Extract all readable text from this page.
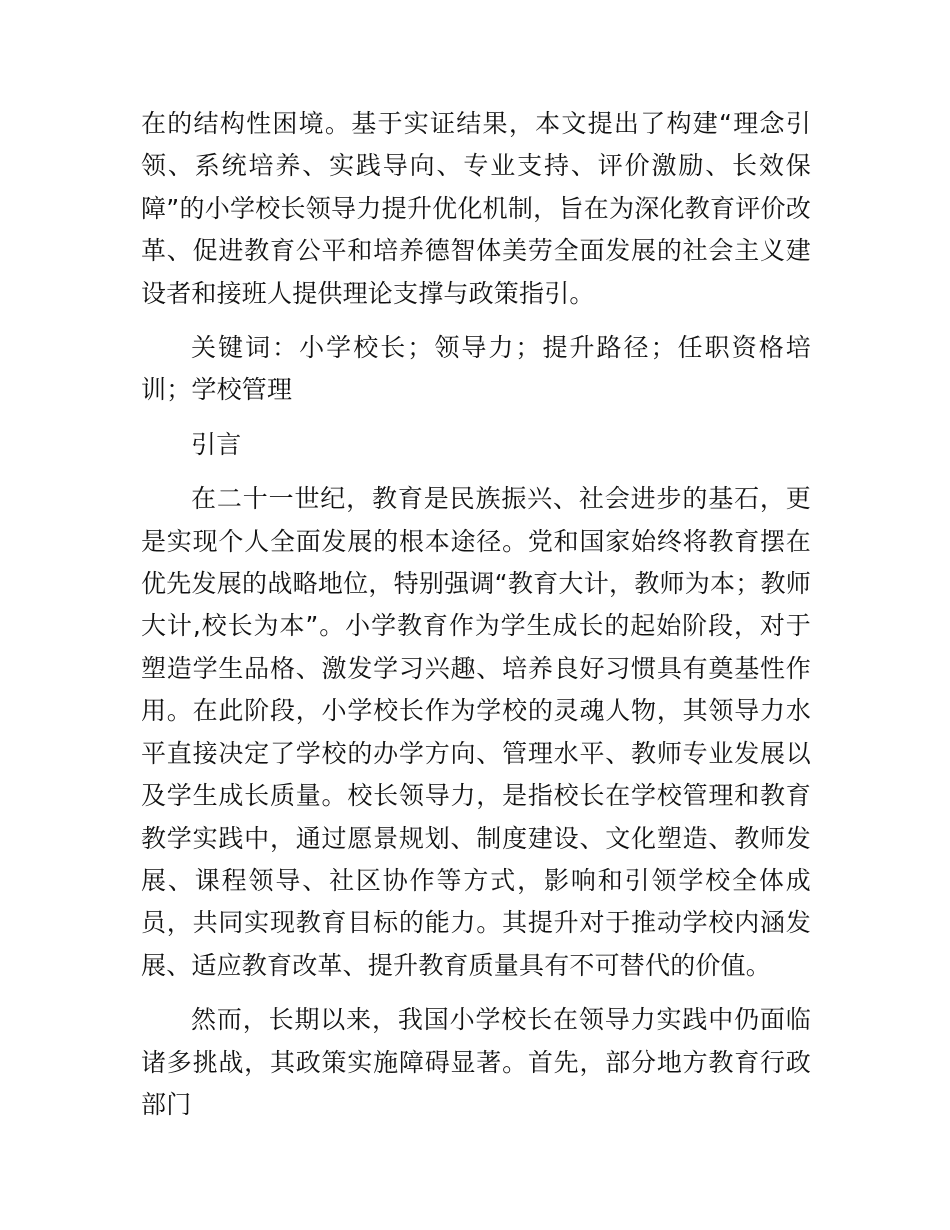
在的结构性困境。基于实证结果，本文提出了构建“理念引领、系统培养、实践导向、专业支持、评价激励、长效保障”的小学校长领导力提升优化机制，旨在为深化教育评价改革、促进教育公平和培养德智体美劳全面发展的社会主义建设者和接班人提供理论支撑与政策指引。

关键词：小学校长；领导力；提升路径；任职资格培训；学校管理

引言

在二十一世纪，教育是民族振兴、社会进步的基石，更是实现个人全面发展的根本途径。党和国家始终将教育摆在优先发展的战略地位，特别强调“教育大计，教师为本；教师大计,校长为本”。小学教育作为学生成长的起始阶段，对于塑造学生品格、激发学习兴趣、培养良好习惯具有奠基性作用。在此阶段，小学校长作为学校的灵魂人物，其领导力水平直接决定了学校的办学方向、管理水平、教师专业发展以及学生成长质量。校长领导力，是指校长在学校管理和教育教学实践中，通过愿景规划、制度建设、文化塑造、教师发展、课程领导、社区协作等方式，影响和引领学校全体成员，共同实现教育目标的能力。其提升对于推动学校内涵发展、适应教育改革、提升教育质量具有不可替代的价值。

然而，长期以来，我国小学校长在领导力实践中仍面临诸多挑战，其政策实施障碍显著。首先，部分地方教育行政部门
